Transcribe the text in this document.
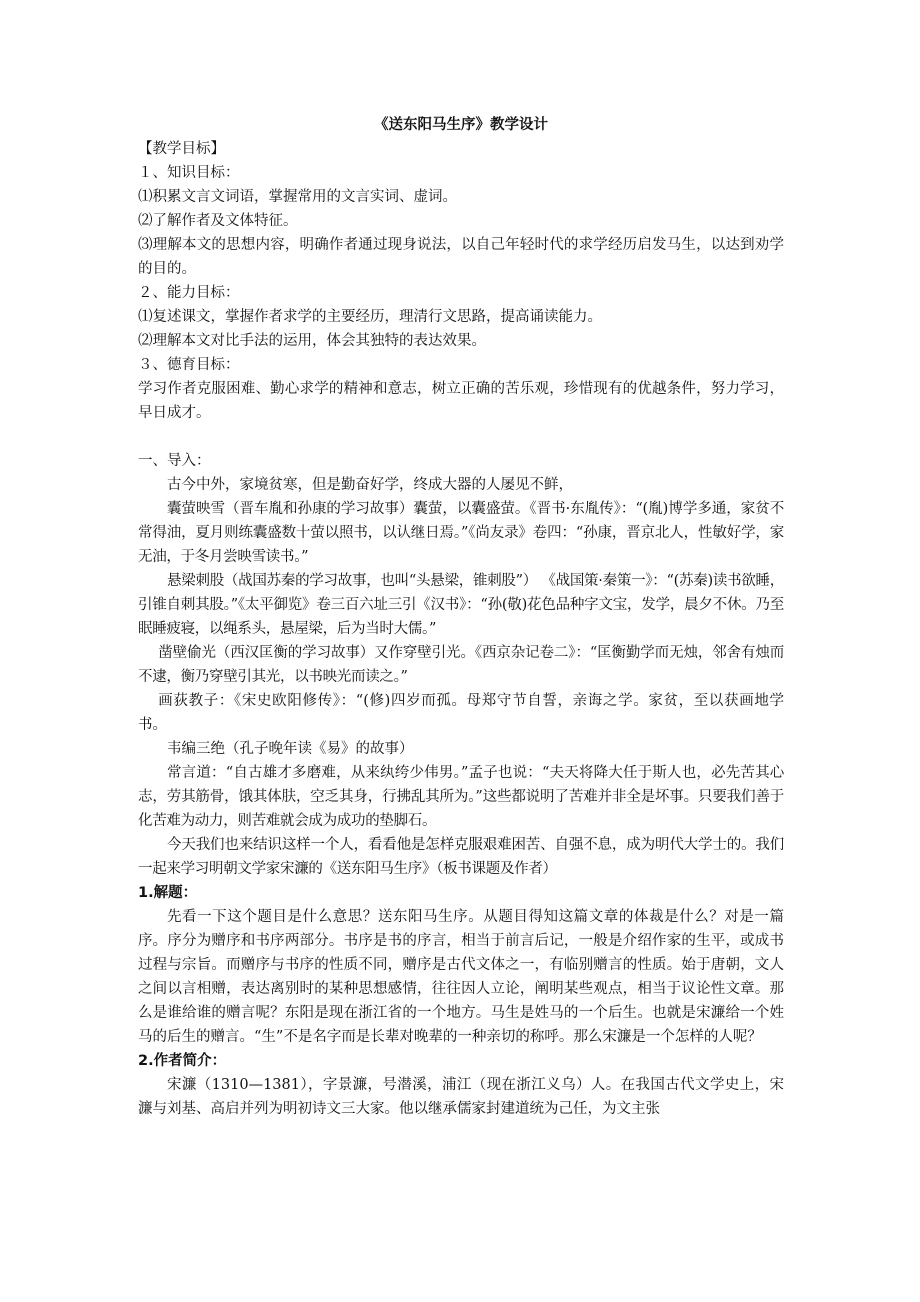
《送东阳马生序》教学设计

【教学目标】

１、知识目标：

⑴积累文言文词语，掌握常用的文言实词、虚词。

⑵了解作者及文体特征。

⑶理解本文的思想内容，明确作者通过现身说法，以自己年轻时代的求学经历启发马生，以达到劝学的目的。

２、能力目标：

⑴复述课文，掌握作者求学的主要经历，理清行文思路，提高诵读能力。

⑵理解本文对比手法的运用，体会其独特的表达效果。

３、德育目标：

学习作者克服困难、勤心求学的精神和意志，树立正确的苦乐观，珍惜现有的优越条件，努力学习，早日成才。

一、导入：

古今中外，家境贫寒，但是勤奋好学，终成大器的人屡见不鲜，

囊萤映雪（晋车胤和孙康的学习故事）囊萤，以囊盛萤。《晋书·东胤传》：“(胤)博学多通，家贫不常得油，夏月则练囊盛数十萤以照书，以认继日焉。”《尚友录》卷四：“孙康，晋京北人，性敏好学，家无油，于冬月尝映雪读书。”

悬梁刺股（战国苏秦的学习故事，也叫“头悬梁，锥刺股”） 《战国策·秦策一》：“(苏秦)读书欲睡，引锥自刺其股。”《太平御览》卷三百六址三引《汉书》：“孙(敬)花色品种字文宝，发学，晨夕不休。乃至眠睡疲寝，以绳系头，悬屋梁，后为当时大儒。”

凿壁偷光（西汉匡衡的学习故事）又作穿壁引光。《西京杂记卷二》：“匡衡勤学而无烛，邻舍有烛而不逮，衡乃穿壁引其光，以书映光而读之。”

画荻教子：《宋史欧阳修传》：“(修)四岁而孤。母郑守节自誓，亲诲之学。家贫，至以获画地学书。

韦编三绝（孔子晚年读《易》的故事）

常言道：“自古雄才多磨难，从来纨绔少伟男。”孟子也说：“夫天将降大任于斯人也，必先苦其心志，劳其筋骨，饿其体肤，空乏其身，行拂乱其所为。”这些都说明了苦难并非全是坏事。只要我们善于化苦难为动力，则苦难就会成为成功的垫脚石。

今天我们也来结识这样一个人，看看他是怎样克服艰难困苦、自强不息，成为明代大学士的。我们一起来学习明朝文学家宋濂的《送东阳马生序》（板书课题及作者）

1.解题：

先看一下这个题目是什么意思？送东阳马生序。从题目得知这篇文章的体裁是什么？对是一篇序。序分为赠序和书序两部分。书序是书的序言，相当于前言后记，一般是介绍作家的生平，或成书过程与宗旨。而赠序与书序的性质不同，赠序是古代文体之一，有临别赠言的性质。始于唐朝，文人之间以言相赠，表达离别时的某种思想感情，往往因人立论，阐明某些观点，相当于议论性文章。那么是谁给谁的赠言呢？东阳是现在浙江省的一个地方。马生是姓马的一个后生。也就是宋濂给一个姓马的后生的赠言。“生”不是名字而是长辈对晚辈的一种亲切的称呼。那么宋濂是一个怎样的人呢？

2.作者简介：

宋濂（1310—1381），字景濂，号潜溪，浦江（现在浙江义乌）人。在我国古代文学史上，宋濂与刘基、高启并列为明初诗文三大家。他以继承儒家封建道统为己任，为文主张
